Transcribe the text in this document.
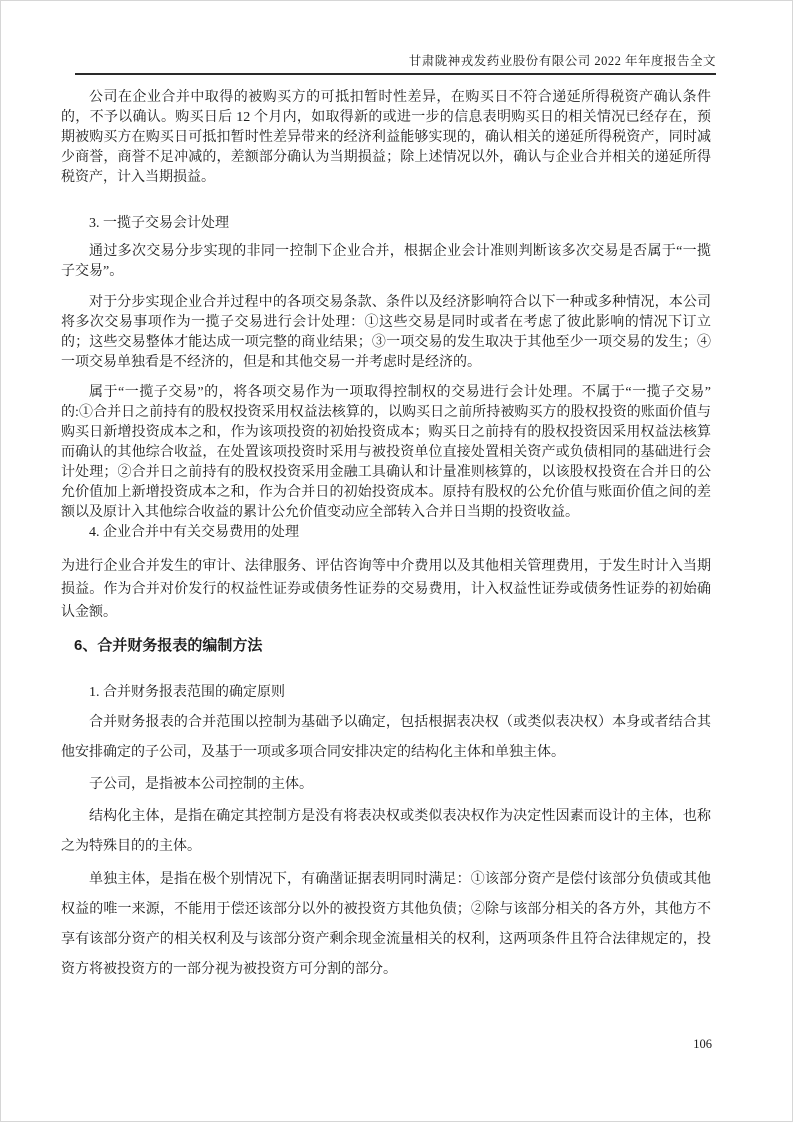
甘肃陇神戎发药业股份有限公司 2022 年年度报告全文

公司在企业合并中取得的被购买方的可抵扣暂时性差异，在购买日不符合递延所得税资产确认条件的，不予以确认。购买日后 12 个月内，如取得新的或进一步的信息表明购买日的相关情况已经存在，预期被购买方在购买日可抵扣暂时性差异带来的经济利益能够实现的，确认相关的递延所得税资产，同时减少商誉，商誉不足冲减的，差额部分确认为当期损益；除上述情况以外，确认与企业合并相关的递延所得税资产，计入当期损益。

3. 一揽子交易会计处理

通过多次交易分步实现的非同一控制下企业合并，根据企业会计准则判断该多次交易是否属于“一揽子交易”。

对于分步实现企业合并过程中的各项交易条款、条件以及经济影响符合以下一种或多种情况，本公司将多次交易事项作为一揽子交易进行会计处理：①这些交易是同时或者在考虑了彼此影响的情况下订立的；这些交易整体才能达成一项完整的商业结果；③一项交易的发生取决于其他至少一项交易的发生；④一项交易单独看是不经济的，但是和其他交易一并考虑时是经济的。

属于“一揽子交易”的，将各项交易作为一项取得控制权的交易进行会计处理。不属于“一揽子交易”的:①合并日之前持有的股权投资采用权益法核算的，以购买日之前所持被购买方的股权投资的账面价值与购买日新增投资成本之和，作为该项投资的初始投资成本；购买日之前持有的股权投资因采用权益法核算而确认的其他综合收益，在处置该项投资时采用与被投资单位直接处置相关资产或负债相同的基础进行会计处理；②合并日之前持有的股权投资采用金融工具确认和计量准则核算的，以该股权投资在合并日的公允价值加上新增投资成本之和，作为合并日的初始投资成本。原持有股权的公允价值与账面价值之间的差额以及原计入其他综合收益的累计公允价值变动应全部转入合并日当期的投资收益。

4. 企业合并中有关交易费用的处理

为进行企业合并发生的审计、法律服务、评估咨询等中介费用以及其他相关管理费用，于发生时计入当期损益。作为合并对价发行的权益性证券或债务性证券的交易费用，计入权益性证券或债务性证券的初始确认金额。

6、合并财务报表的编制方法

1. 合并财务报表范围的确定原则

合并财务报表的合并范围以控制为基础予以确定，包括根据表决权（或类似表决权）本身或者结合其他安排确定的子公司，及基于一项或多项合同安排决定的结构化主体和单独主体。

子公司，是指被本公司控制的主体。

结构化主体，是指在确定其控制方是没有将表决权或类似表决权作为决定性因素而设计的主体，也称之为特殊目的的主体。

单独主体，是指在极个别情况下，有确凿证据表明同时满足：①该部分资产是偿付该部分负债或其他权益的唯一来源，不能用于偿还该部分以外的被投资方其他负债；②除与该部分相关的各方外，其他方不享有该部分资产的相关权利及与该部分资产剩余现金流量相关的权利，这两项条件且符合法律规定的，投资方将被投资方的一部分视为被投资方可分割的部分。

106
